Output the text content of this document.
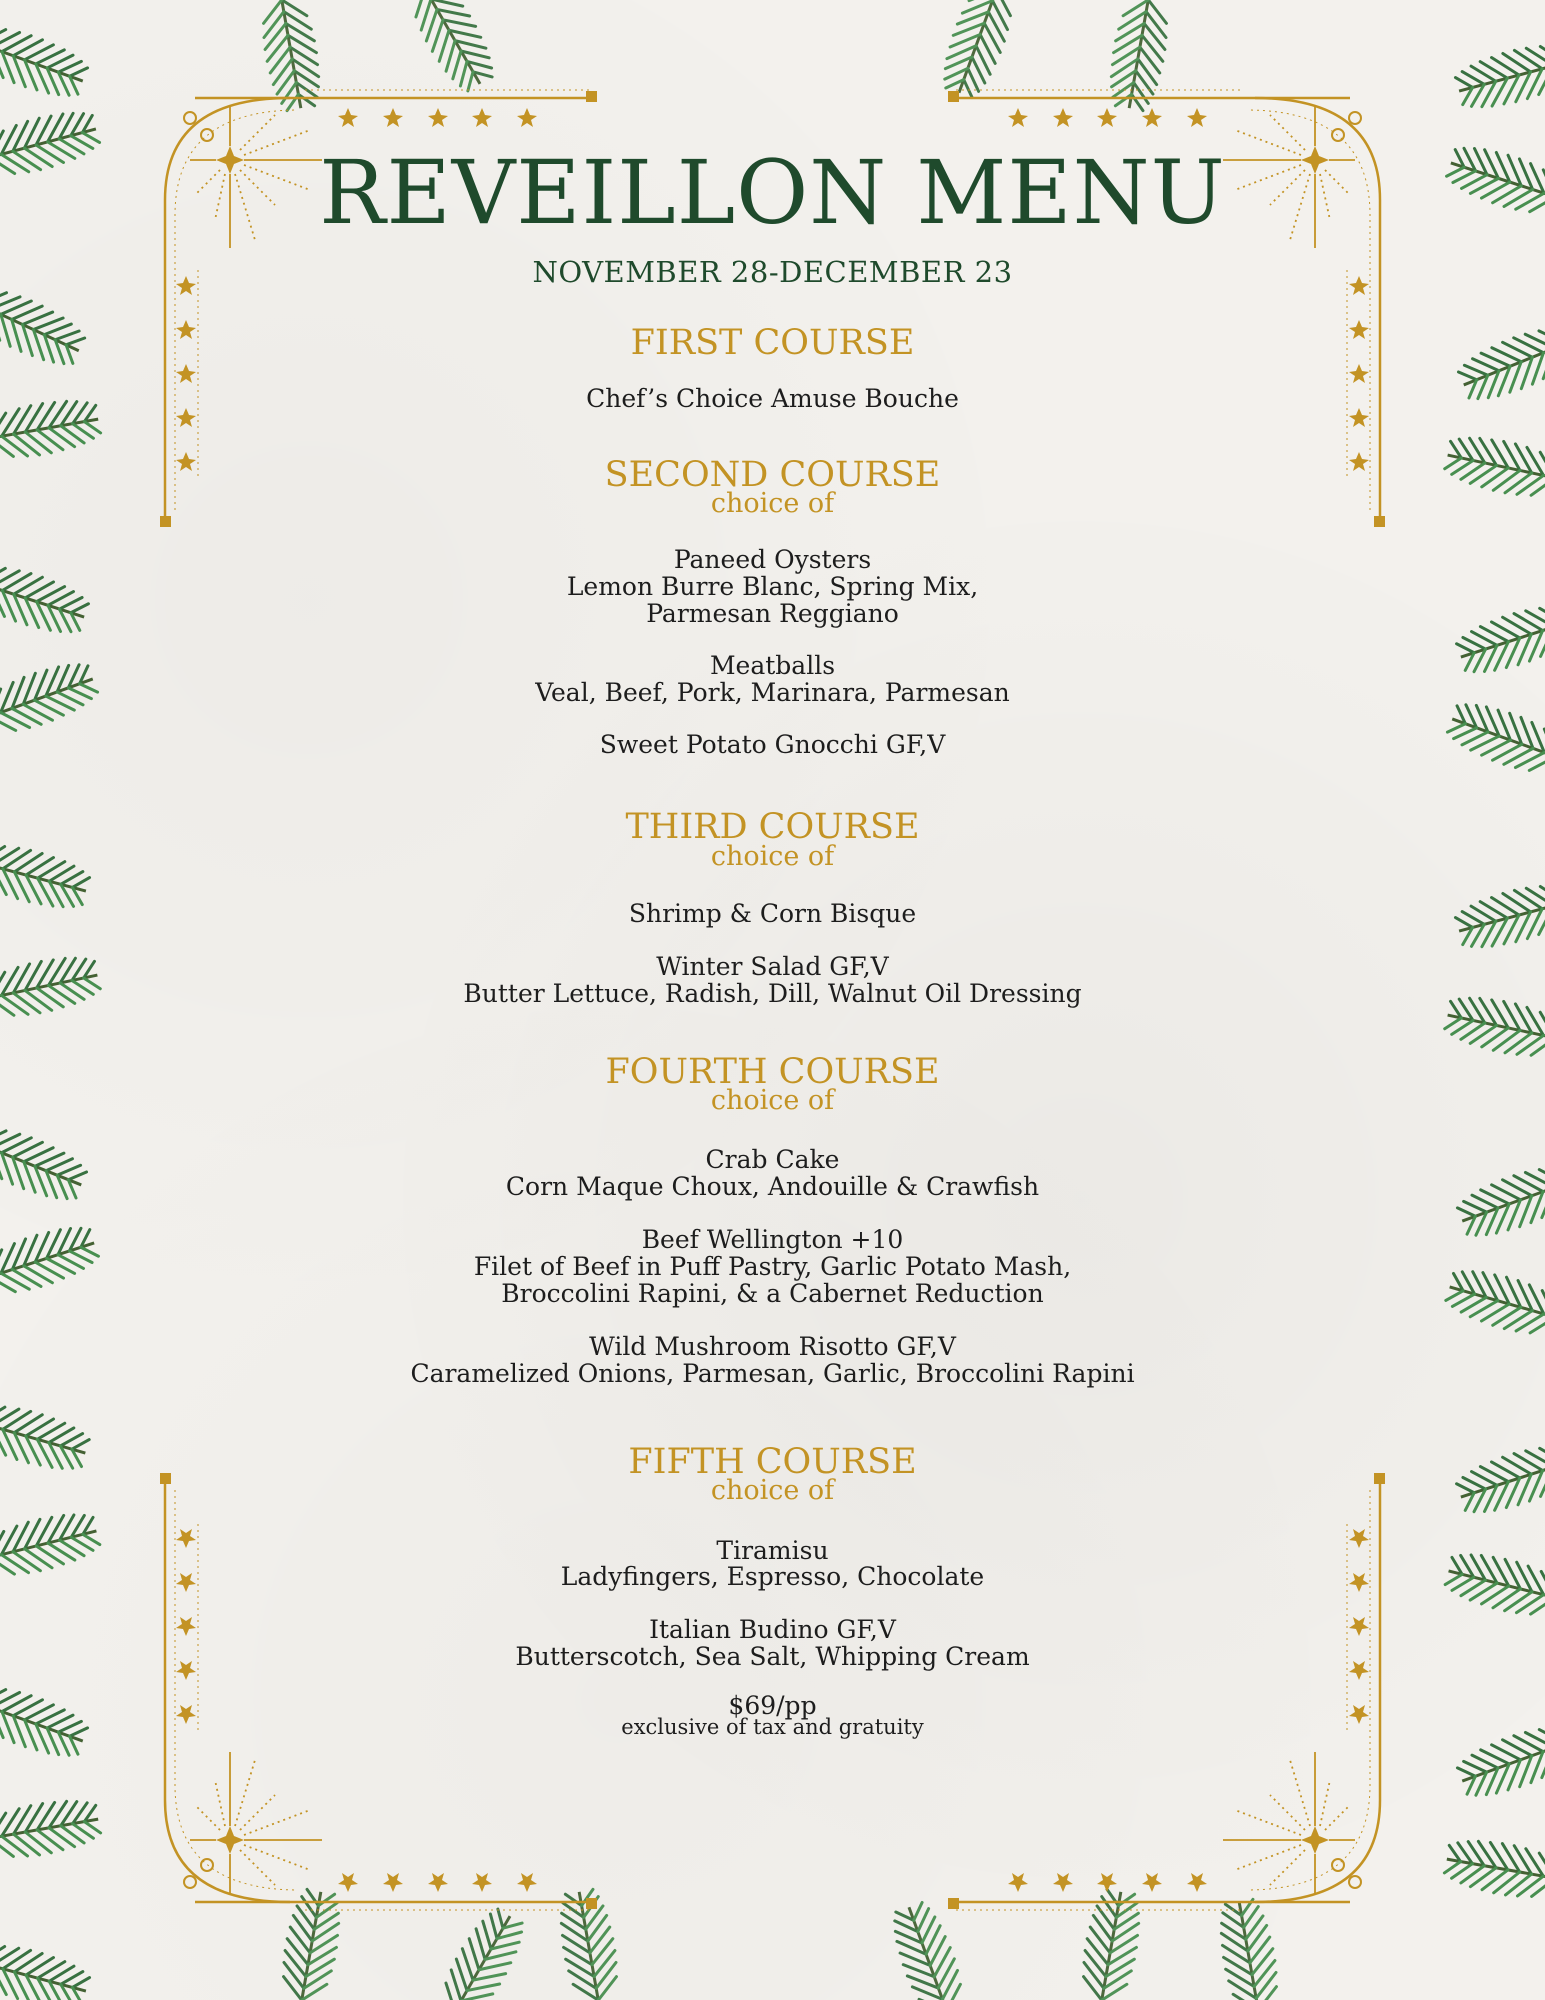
REVEILLON MENU
NOVEMBER 28-DECEMBER 23
FIRST COURSE
Chef’s Choice Amuse Bouche
SECOND COURSE
choice of
Paneed Oysters
Lemon Burre Blanc, Spring Mix,
Parmesan Reggiano
Meatballs
Veal, Beef, Pork, Marinara, Parmesan
Sweet Potato Gnocchi GF,V
THIRD COURSE
choice of
Shrimp & Corn Bisque
Winter Salad GF,V
Butter Lettuce, Radish, Dill, Walnut Oil Dressing
FOURTH COURSE
choice of
Crab Cake
Corn Maque Choux, Andouille & Crawfish
Beef Wellington +10
Filet of Beef in Puff Pastry, Garlic Potato Mash,
Broccolini Rapini, & a Cabernet Reduction
Wild Mushroom Risotto GF,V
Caramelized Onions, Parmesan, Garlic, Broccolini Rapini
FIFTH COURSE
choice of
Tiramisu
Ladyfingers, Espresso, Chocolate
Italian Budino GF,V
Butterscotch, Sea Salt, Whipping Cream
$69/pp
exclusive of tax and gratuity
